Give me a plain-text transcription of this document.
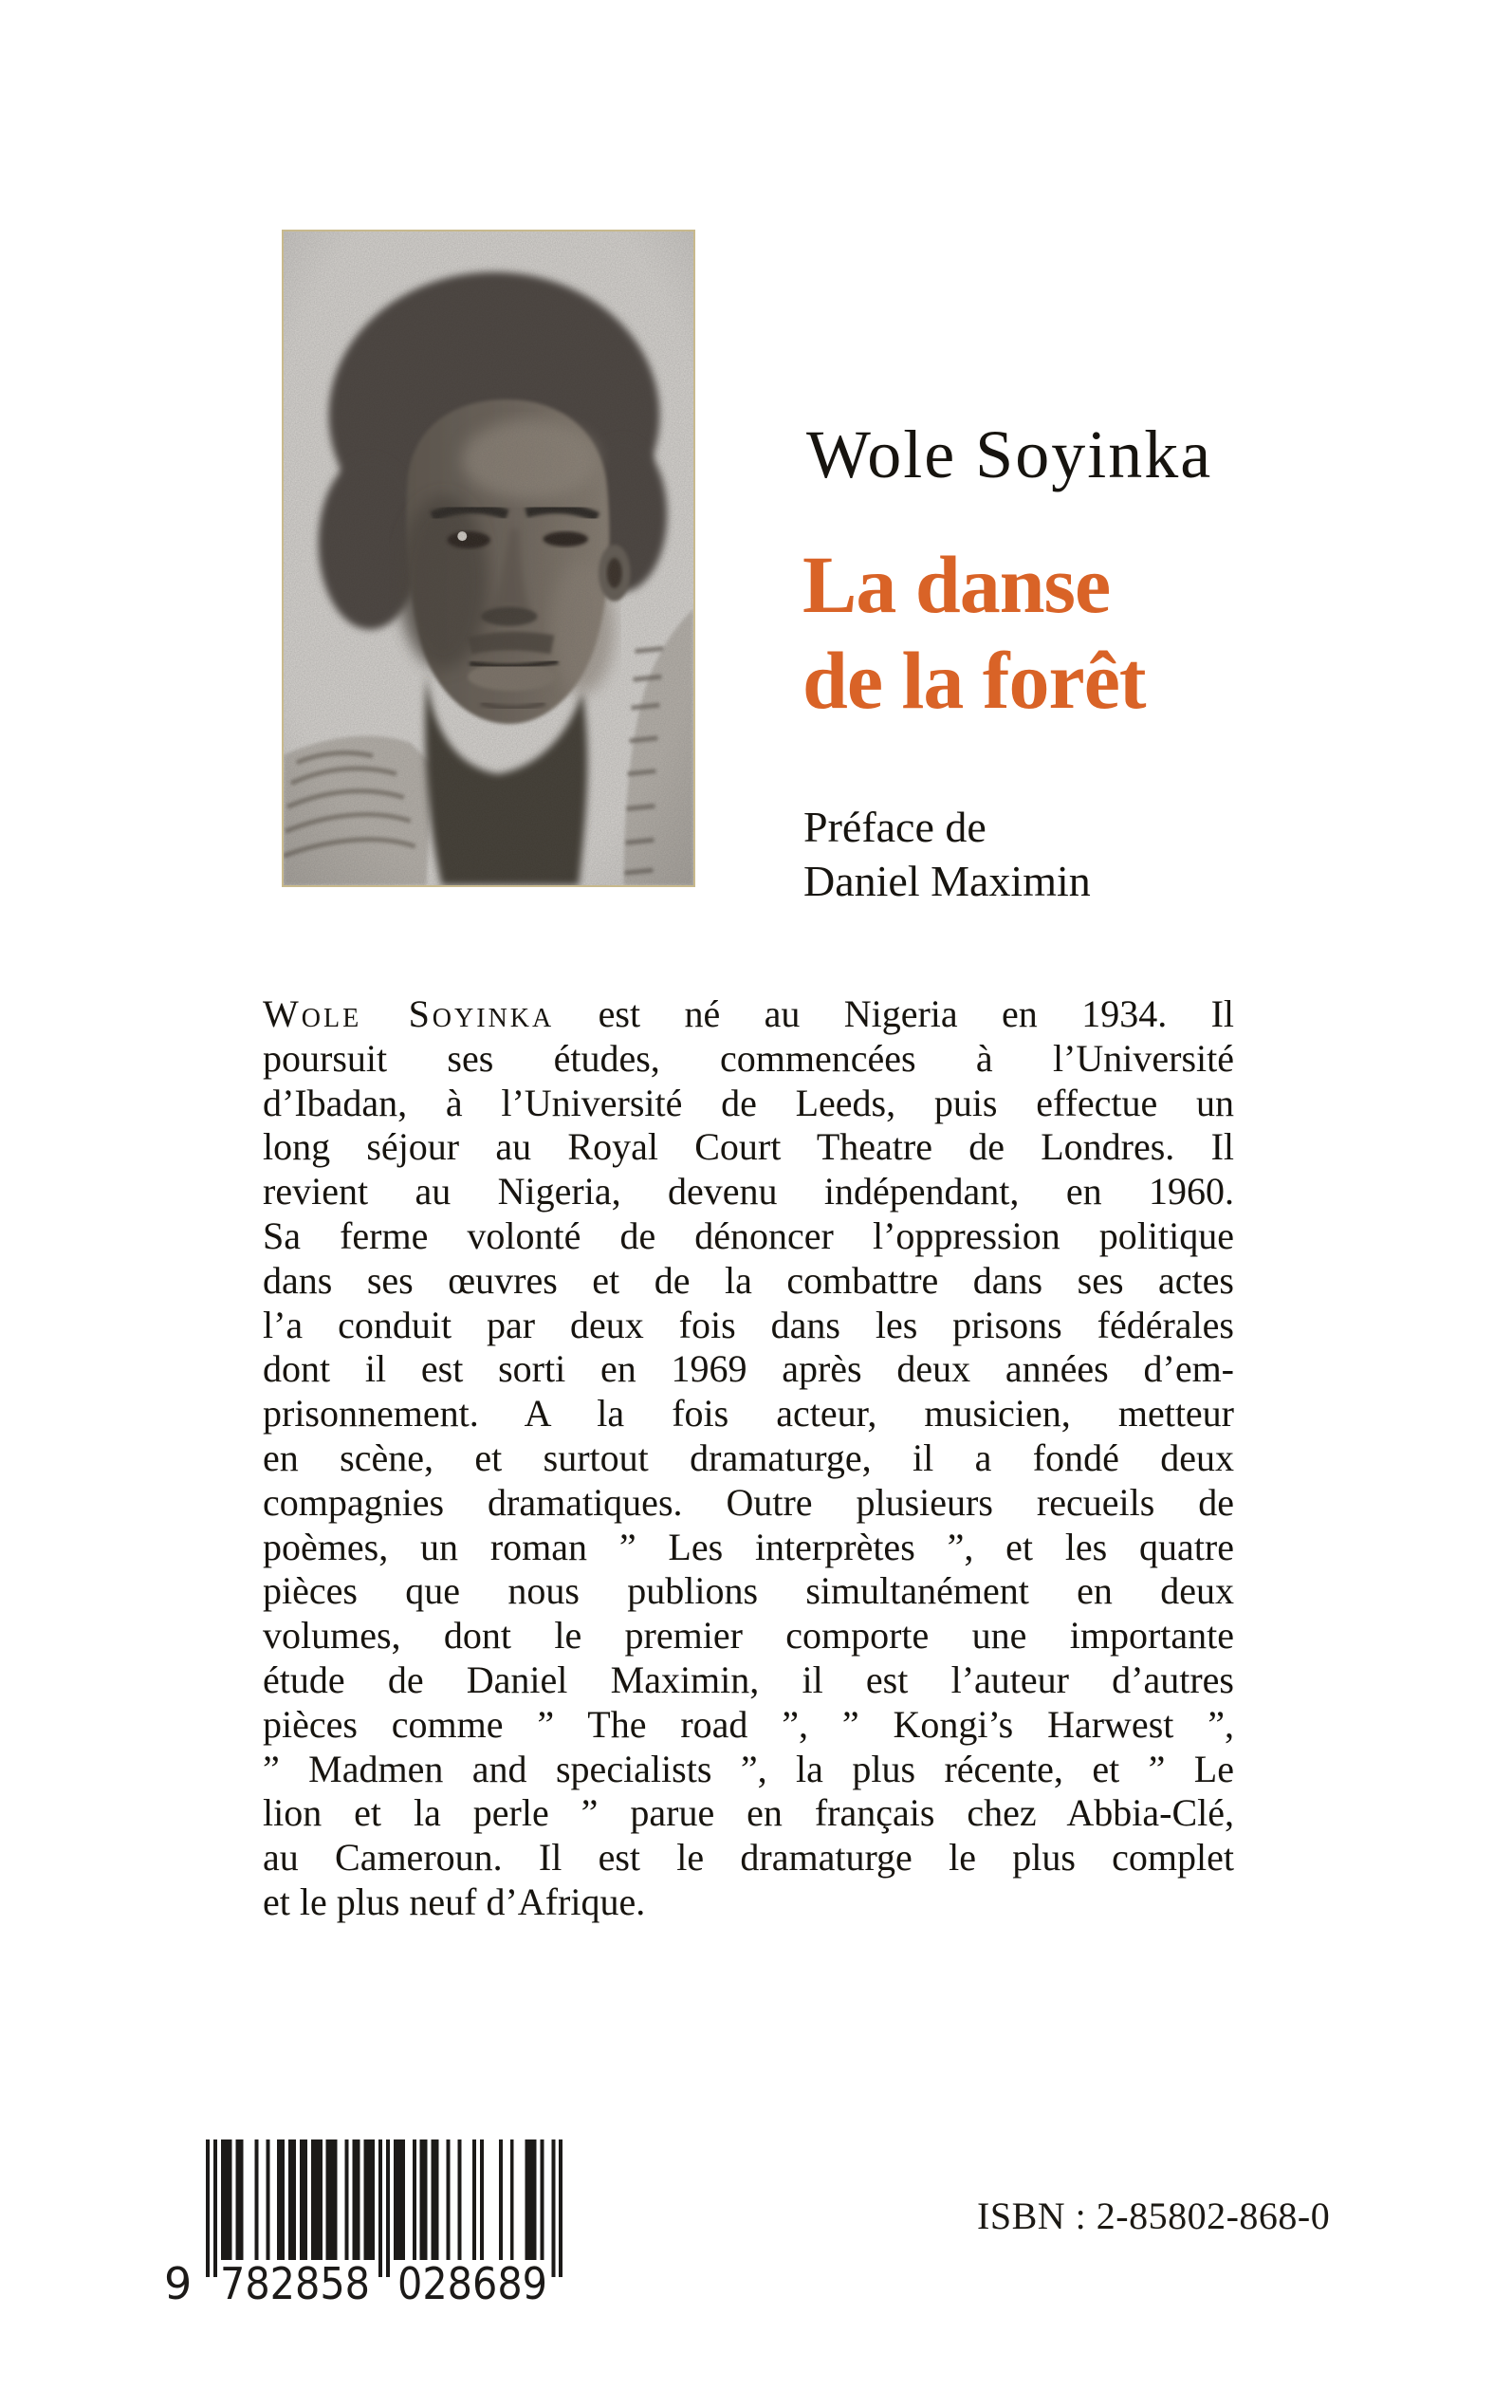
Wole Soyinka
La danse
de la forêt
Préface de
Daniel Maximin
Wole Soyinka est né au Nigeria en 1934. Il
poursuit ses études, commencées à l’Université
d’Ibadan, à l’Université de Leeds, puis effectue un
long séjour au Royal Court Theatre de Londres. Il
revient au Nigeria, devenu indépendant, en 1960.
Sa ferme volonté de dénoncer l’oppression politique
dans ses œuvres et de la combattre dans ses actes
l’a conduit par deux fois dans les prisons fédérales
dont il est sorti en 1969 après deux années d’em-
prisonnement. A la fois acteur, musicien, metteur
en scène, et surtout dramaturge, il a fondé deux
compagnies dramatiques. Outre plusieurs recueils de
poèmes, un roman ” Les interprètes ”, et les quatre
pièces que nous publions simultanément en deux
volumes, dont le premier comporte une importante
étude de Daniel Maximin, il est l’auteur d’autres
pièces comme ” The road ”, ” Kongi’s Harwest ”,
” Madmen and specialists ”, la plus récente, et ” Le
lion et la perle ” parue en français chez Abbia-Clé,
au Cameroun. Il est le dramaturge le plus complet
et le plus neuf d’Afrique.
9 782858 028689
ISBN : 2-85802-868-0
